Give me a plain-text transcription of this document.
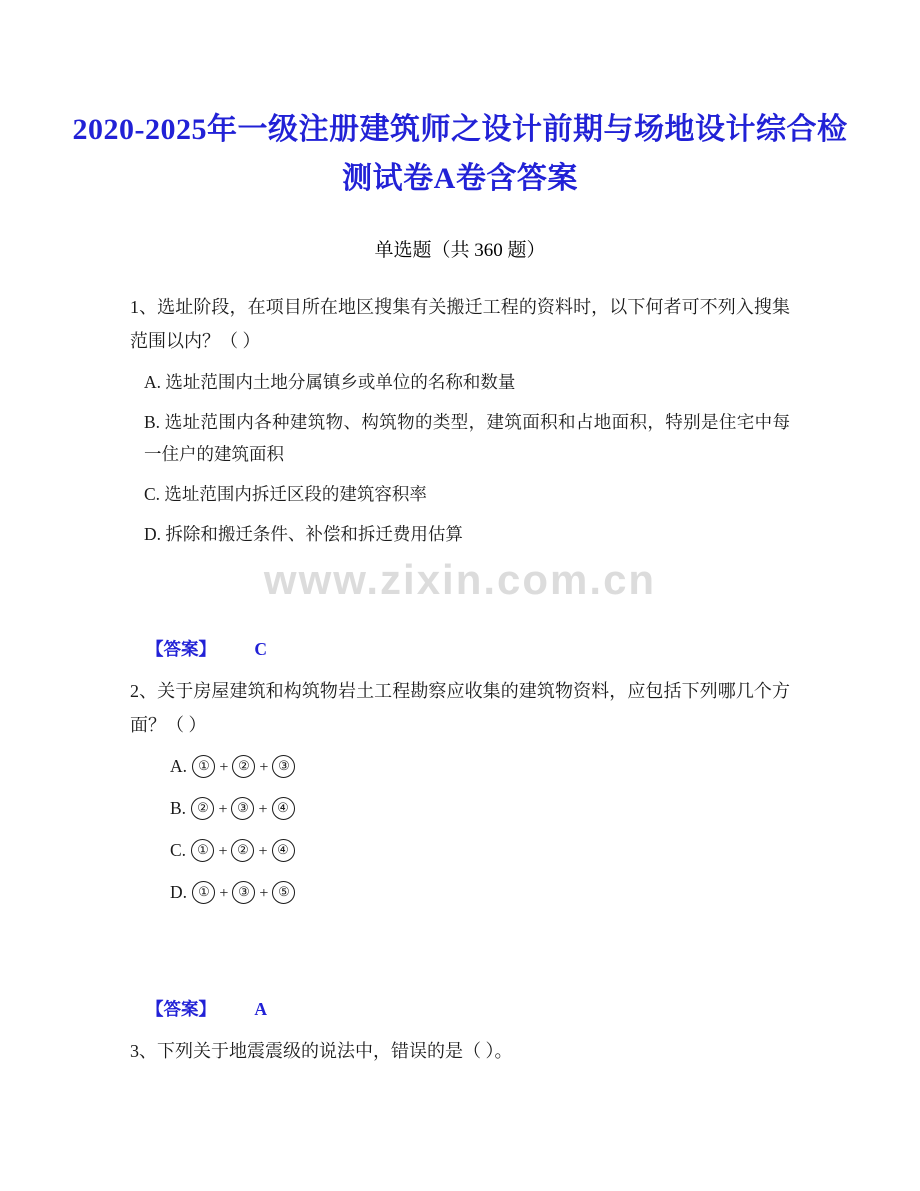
2020-2025年一级注册建筑师之设计前期与场地设计综合检测试卷A卷含答案
单选题（共 360 题）
1、选址阶段，在项目所在地区搜集有关搬迁工程的资料时，以下何者可不列入搜集范围以内？（ ）
A. 选址范围内土地分属镇乡或单位的名称和数量
B. 选址范围内各种建筑物、构筑物的类型，建筑面积和占地面积，特别是住宅中每一住户的建筑面积
C. 选址范围内拆迁区段的建筑容积率
D. 拆除和搬迁条件、补偿和拆迁费用估算
【答案】 C
2、关于房屋建筑和构筑物岩土工程勘察应收集的建筑物资料，应包括下列哪几个方面？（ ）
A. ① + ② + ③
B. ② + ③ + ④
C. ① + ② + ④
D. ① + ③ + ⑤
【答案】 A
3、下列关于地震震级的说法中，错误的是（ ）。
www.zixin.com.cn
